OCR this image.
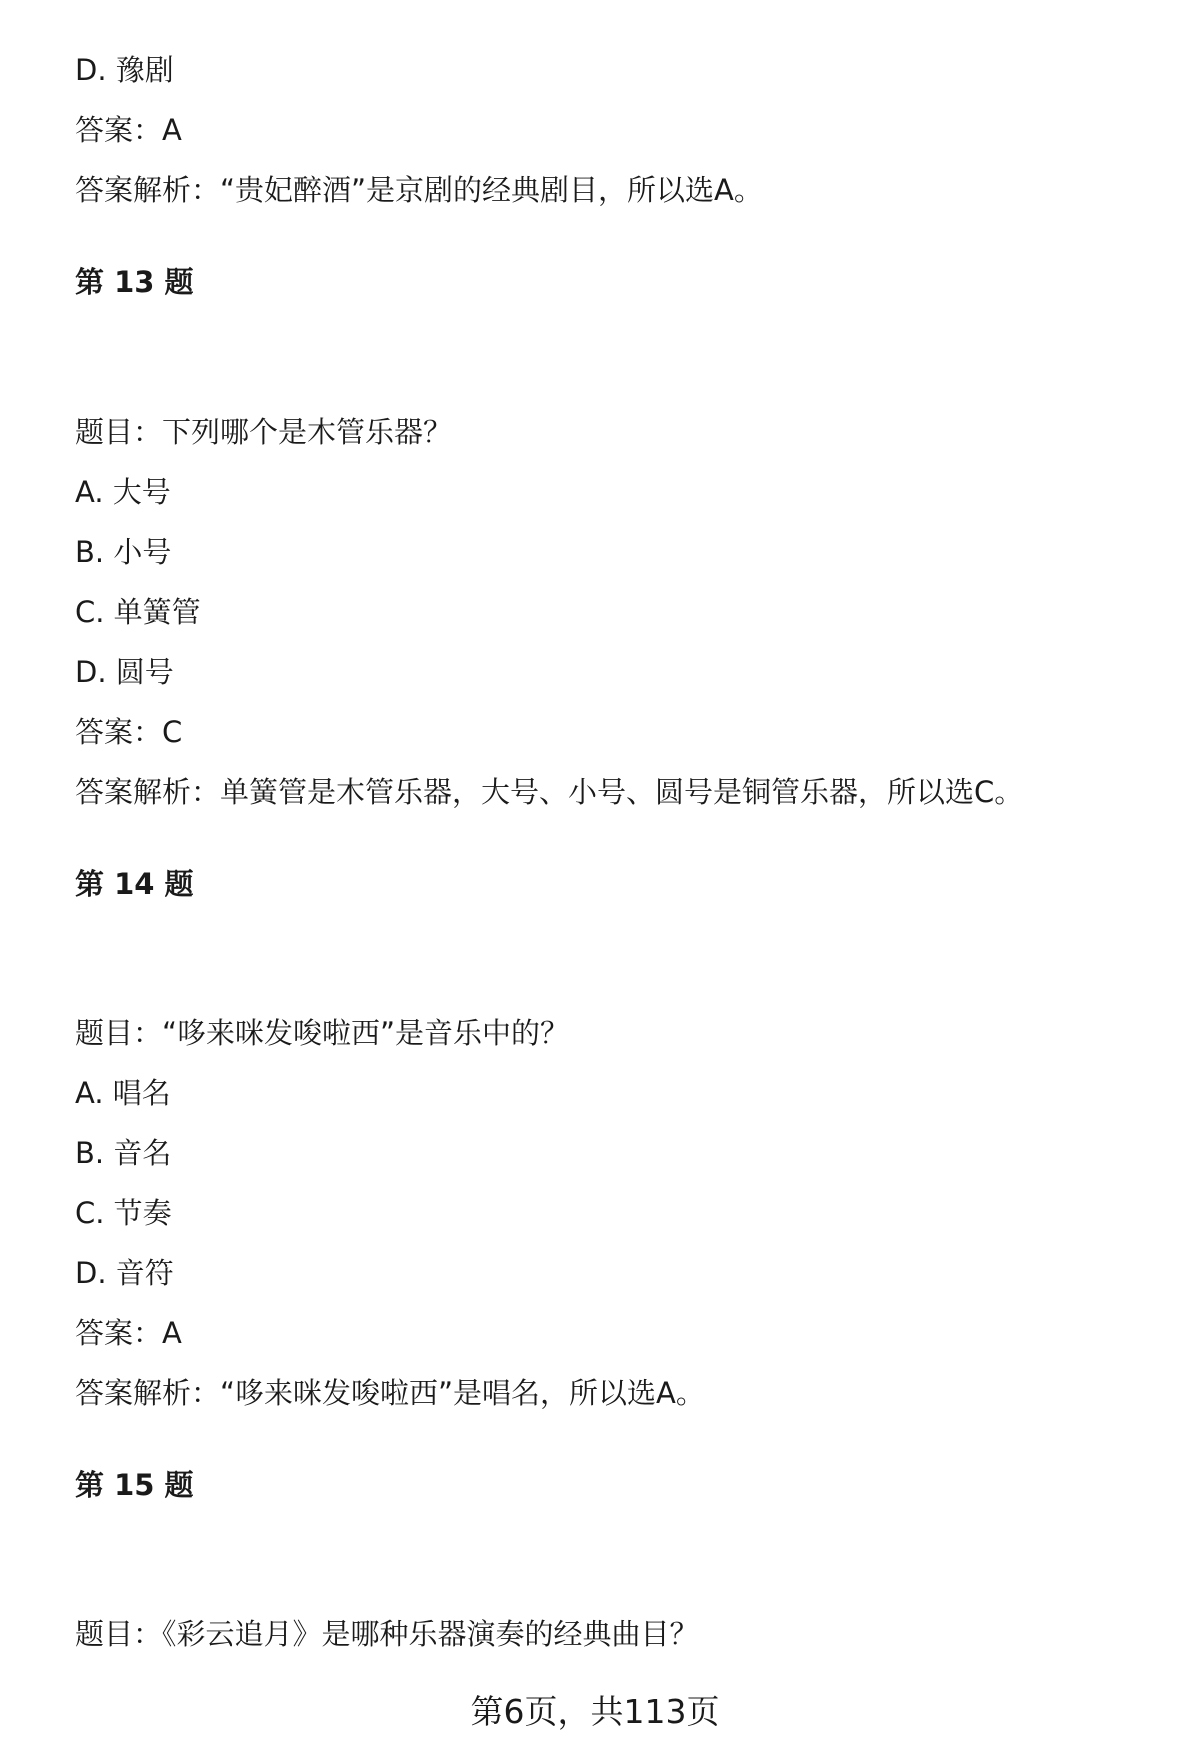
D. 豫剧
答案：A
答案解析：“贵妃醉酒”是京剧的经典剧目，所以选A。
第 13 题
题目：下列哪个是木管乐器？
A. 大号
B. 小号
C. 单簧管
D. 圆号
答案：C
答案解析：单簧管是木管乐器，大号、小号、圆号是铜管乐器，所以选C。
第 14 题
题目：“哆来咪发唆啦西”是音乐中的？
A. 唱名
B. 音名
C. 节奏
D. 音符
答案：A
答案解析：“哆来咪发唆啦西”是唱名，所以选A。
第 15 题
题目：《彩云追月》是哪种乐器演奏的经典曲目？
第6页，共113页
